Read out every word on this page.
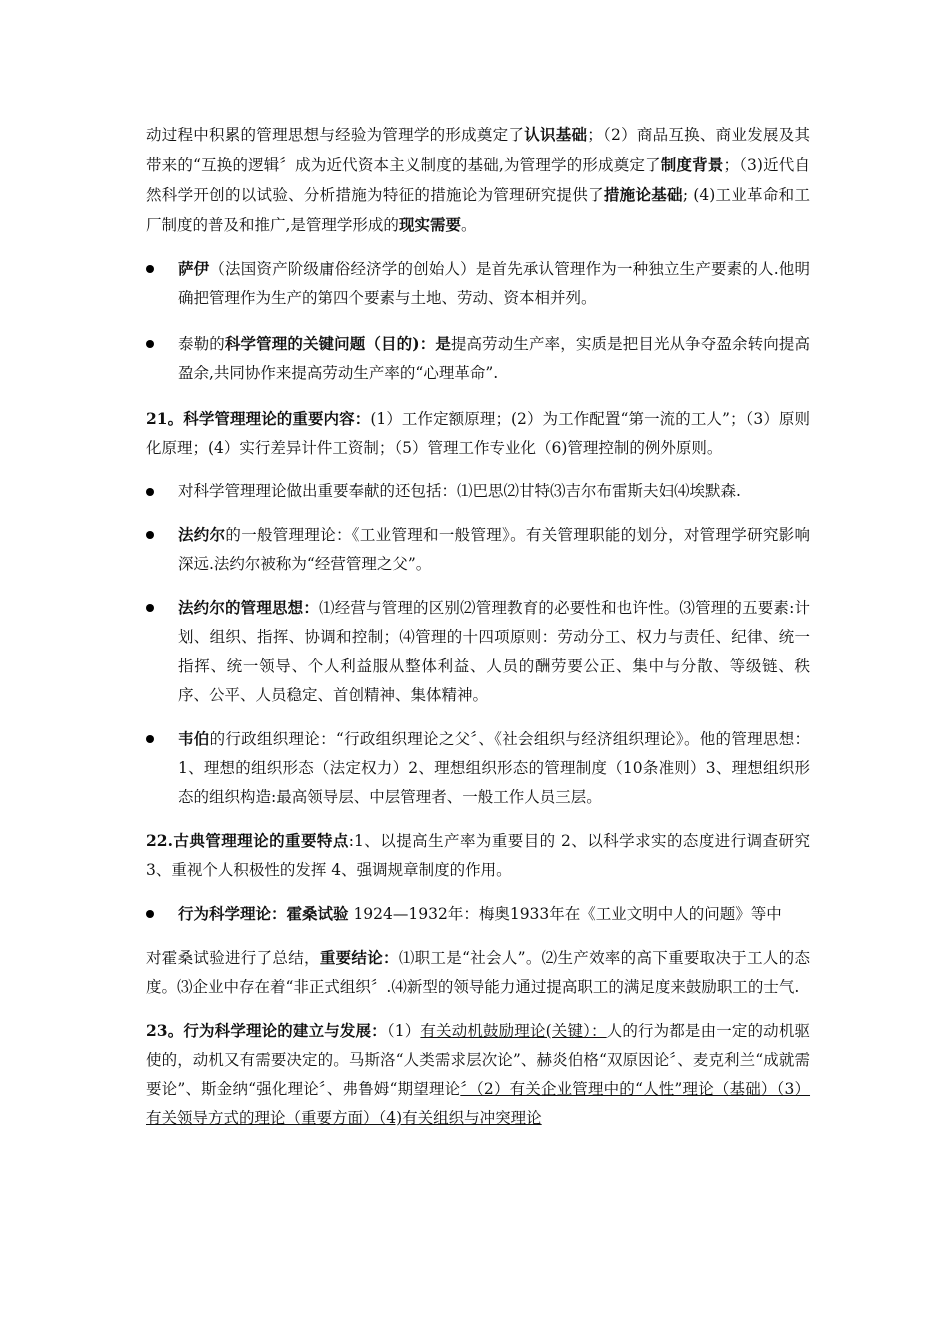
动过程中积累的管理思想与经验为管理学的形成奠定了认识基础；（2）商品互换、商业发展及其带来的“互换的逻辑〞成为近代资本主义制度的基础,为管理学的形成奠定了制度背景；（3)近代自然科学开创的以试验、分析措施为特征的措施论为管理研究提供了措施论基础; (4)工业革命和工厂制度的普及和推广,是管理学形成的现实需要。

萨伊（法国资产阶级庸俗经济学的创始人）是首先承认管理作为一种独立生产要素的人.他明确把管理作为生产的第四个要素与土地、劳动、资本相并列。

泰勒的科学管理的关键问题（目的)：是提高劳动生产率，实质是把目光从争夺盈余转向提高盈余,共同协作来提高劳动生产率的“心理革命”.

21。科学管理理论的重要内容：(1）工作定额原理；(2）为工作配置“第一流的工人”；（3）原则化原理；(4）实行差异计件工资制；（5）管理工作专业化（6)管理控制的例外原则。

对科学管理理论做出重要奉献的还包括：⑴巴思⑵甘特⑶吉尔布雷斯夫妇⑷埃默森.

法约尔的一般管理理论：《工业管理和一般管理》。有关管理职能的划分，对管理学研究影响深远.法约尔被称为“经营管理之父”。

法约尔的管理思想：⑴经营与管理的区别⑵管理教育的必要性和也许性。⑶管理的五要素:计划、组织、指挥、协调和控制；⑷管理的十四项原则：劳动分工、权力与责任、纪律、统一指挥、统一领导、个人利益服从整体利益、人员的酬劳要公正、集中与分散、等级链、秩序、公平、人员稳定、首创精神、集体精神。

韦伯的行政组织理论：“行政组织理论之父〞、《社会组织与经济组织理论》。他的管理思想：1、理想的组织形态（法定权力）2、理想组织形态的管理制度（10条准则）3、理想组织形态的组织构造:最高领导层、中层管理者、一般工作人员三层。

22.古典管理理论的重要特点:1、以提高生产率为重要目的 2、以科学求实的态度进行调查研究 3、重视个人积极性的发挥 4、强调规章制度的作用。

行为科学理论：霍桑试验 1924—1932年：梅奥1933年在《工业文明中人的问题》等中

对霍桑试验进行了总结，重要结论：⑴职工是“社会人”。⑵生产效率的高下重要取决于工人的态度。⑶企业中存在着“非正式组织〞.⑷新型的领导能力通过提高职工的满足度来鼓励职工的士气.

23。行为科学理论的建立与发展：（1）有关动机鼓励理论(关键）：人的行为都是由一定的动机驱使的，动机又有需要决定的。马斯洛“人类需求层次论”、赫炎伯格“双原因论〞、麦克利兰“成就需要论”、斯金纳“强化理论〞、弗鲁姆“期望理论〞（2）有关企业管理中的“人性”理论（基础）（3）有关领导方式的理论（重要方面）（4)有关组织与冲突理论
